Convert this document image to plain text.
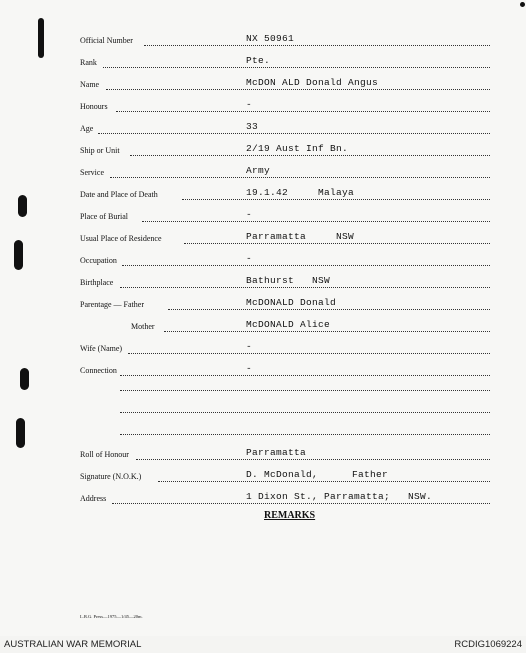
Official Number	NX 50961
Rank	Pte.
Name	McDON ALD Donald Angus
Honours	-
Age	33
Ship or Unit	2/19 Aust Inf Bn.
Service	Army
Date and Place of Death	19.1.42	Malaya
Place of Burial	-
Usual Place of Residence	Parramatta	NSW
Occupation	-
Birthplace	Bathurst NSW
Parentage — Father	McDONALD Donald
Mother	McDONALD Alice
Wife (Name)	-
Connection	-
Roll of Honour	Parramatta
Signature (N.O.K.)	D. McDonald,	Father
Address	1 Dixon St., Parramatta; NSW.
REMARKS
L.B.G. Press—1975—1/45—20m.
AUSTRALIAN WAR MEMORIAL	RCDIG1069224
